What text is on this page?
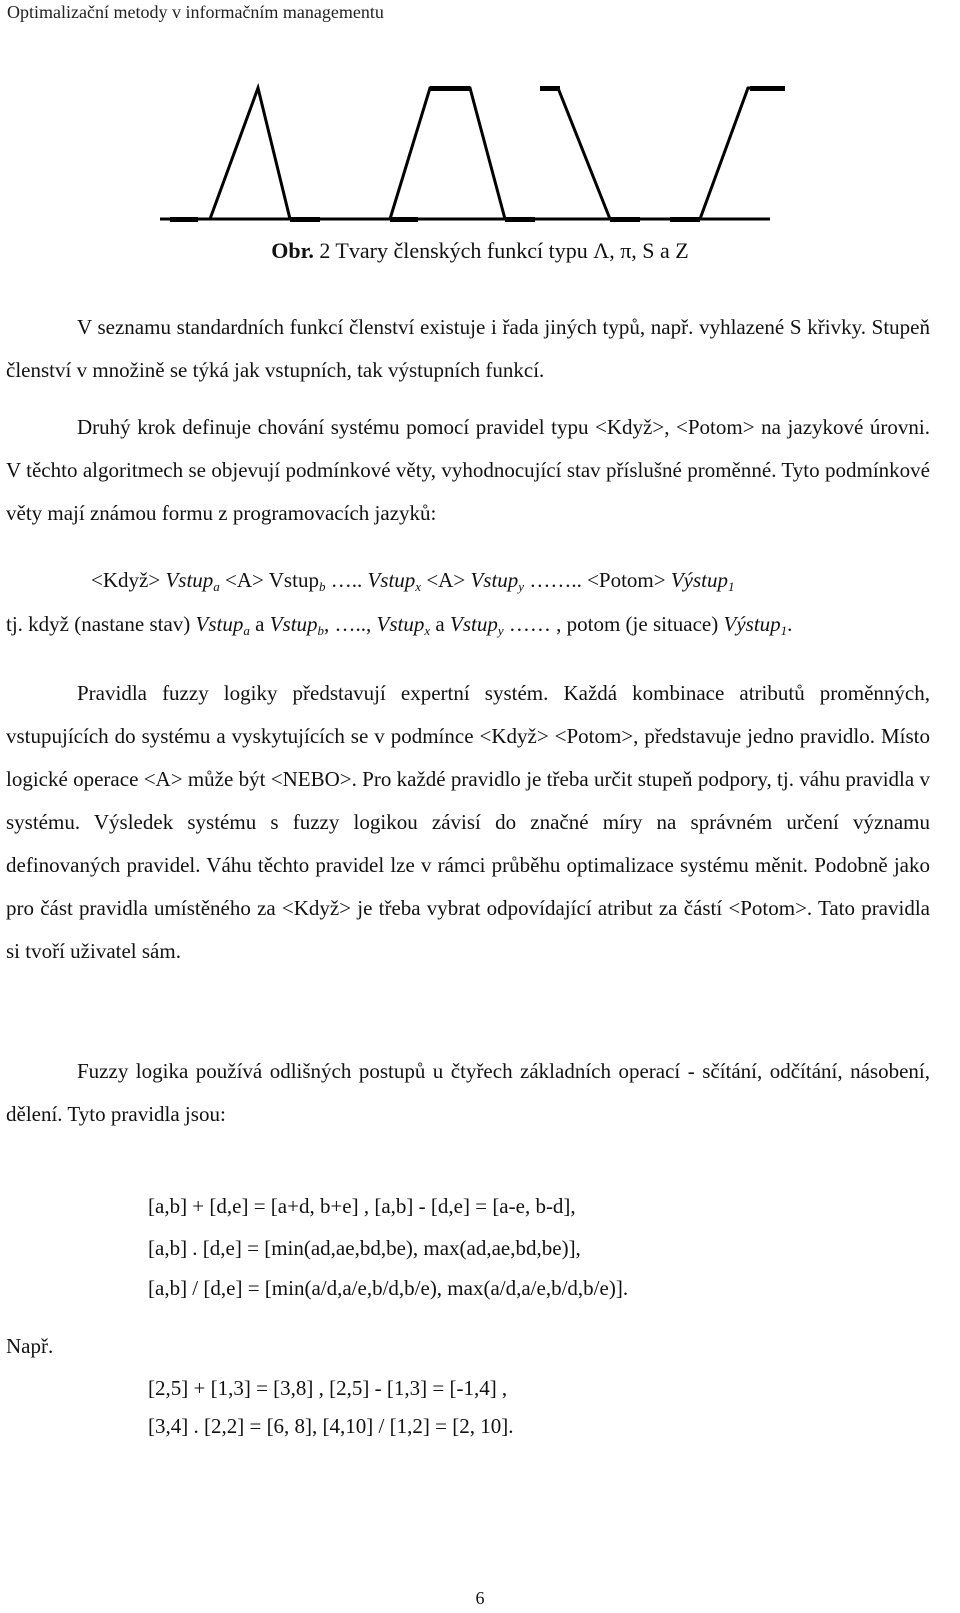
Optimalizační metody v informačním managementu
Obr. 2 Tvary členských funkcí typu Λ, π, S a Z
V seznamu standardních funkcí členství existuje i řada jiných typů, např. vyhlazené S křivky. Stupeň členství v množině se týká jak vstupních, tak výstupních funkcí.
Druhý krok definuje chování systému pomocí pravidel typu <Když>, <Potom> na jazykové úrovni. V těchto algoritmech se objevují podmínkové věty, vyhodnocující stav příslušné proměnné. Tyto podmínkové věty mají známou formu z programovacích jazyků:
<Když> Vstup$_a$ <A> Vstup$_b$ ….. Vstup$_x$ <A> Vstup$_y$ …….. <Potom> Výstup$_1$
tj. když (nastane stav) Vstup$_a$ a Vstup$_b$, ….., Vstup$_x$ a Vstup$_y$ …… , potom (je situace) Výstup$_1$.
Pravidla fuzzy logiky představují expertní systém. Každá kombinace atributů proměnných, vstupujících do systému a vyskytujících se v podmínce <Když> <Potom>, představuje jedno pravidlo. Místo logické operace <A> může být <NEBO>. Pro každé pravidlo je třeba určit stupeň podpory, tj. váhu pravidla v systému. Výsledek systému s fuzzy logikou závisí do značné míry na správném určení významu definovaných pravidel. Váhu těchto pravidel lze v rámci průběhu optimalizace systému měnit. Podobně jako pro část pravidla umístěného za <Když> je třeba vybrat odpovídající atribut za částí <Potom>. Tato pravidla si tvoří uživatel sám.
Fuzzy logika používá odlišných postupů u čtyřech základních operací - sčítání, odčítání, násobení, dělení. Tyto pravidla jsou:
[a,b] + [d,e] = [a+d, b+e] , [a,b] - [d,e] = [a-e, b-d],
[a,b] . [d,e] = [min(ad,ae,bd,be), max(ad,ae,bd,be)],
[a,b] / [d,e] = [min(a/d,a/e,b/d,b/e), max(a/d,a/e,b/d,b/e)].
Např.
[2,5] + [1,3] = [3,8] , [2,5] - [1,3] = [-1,4] ,
[3,4] . [2,2] = [6, 8], [4,10] / [1,2] = [2, 10].
6
